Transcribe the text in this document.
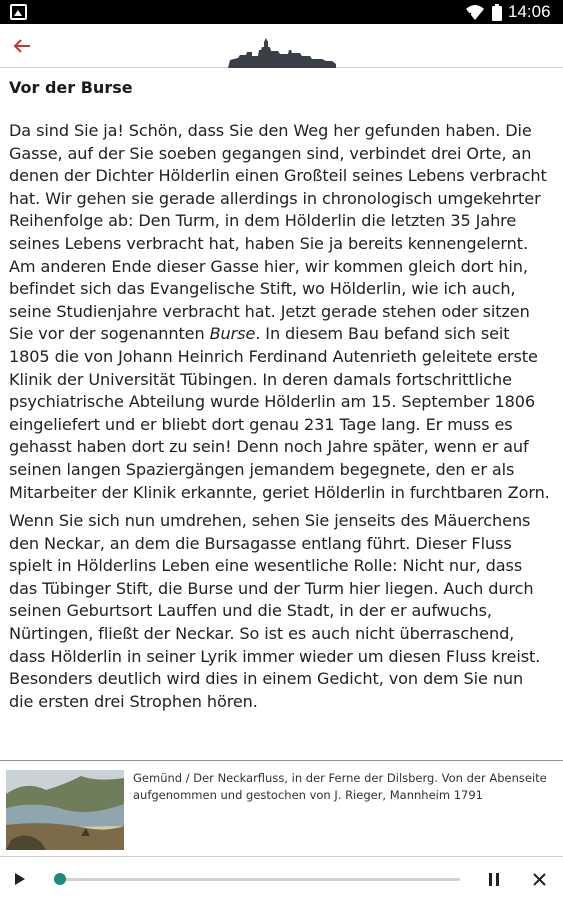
14:06
Vor der Burse

Da sind Sie ja! Schön, dass Sie den Weg her gefunden haben. Die Gasse, auf der Sie soeben gegangen sind, verbindet drei Orte, an denen der Dichter Hölderlin einen Großteil seines Lebens verbracht hat. Wir gehen sie gerade allerdings in chronologisch umgekehrter Reihenfolge ab: Den Turm, in dem Hölderlin die letzten 35 Jahre seines Lebens verbracht hat, haben Sie ja bereits kennengelernt. Am anderen Ende dieser Gasse hier, wir kommen gleich dort hin, befindet sich das Evangelische Stift, wo Hölderlin, wie ich auch, seine Studienjahre verbracht hat. Jetzt gerade stehen oder sitzen Sie vor der sogenannten Burse. In diesem Bau befand sich seit 1805 die von Johann Heinrich Ferdinand Autenrieth geleitete erste Klinik der Universität Tübingen. In deren damals fortschrittliche psychiatrische Abteilung wurde Hölderlin am 15. September 1806 eingeliefert und er bliebt dort genau 231 Tage lang. Er muss es gehasst haben dort zu sein! Denn noch Jahre später, wenn er auf seinen langen Spaziergängen jemandem begegnete, den er als Mitarbeiter der Klinik erkannte, geriet Hölderlin in furchtbaren Zorn.

Wenn Sie sich nun umdrehen, sehen Sie jenseits des Mäuerchens den Neckar, an dem die Bursagasse entlang führt. Dieser Fluss spielt in Hölderlins Leben eine wesentliche Rolle: Nicht nur, dass das Tübinger Stift, die Burse und der Turm hier liegen. Auch durch seinen Geburtsort Lauffen und die Stadt, in der er aufwuchs, Nürtingen, fließt der Neckar. So ist es auch nicht überraschend, dass Hölderlin in seiner Lyrik immer wieder um diesen Fluss kreist. Besonders deutlich wird dies in einem Gedicht, von dem Sie nun die ersten drei Strophen hören.

Gemünd / Der Neckarfluss, in der Ferne der Dilsberg. Von der Abenseite aufgenommen und gestochen von J. Rieger, Mannheim 1791
